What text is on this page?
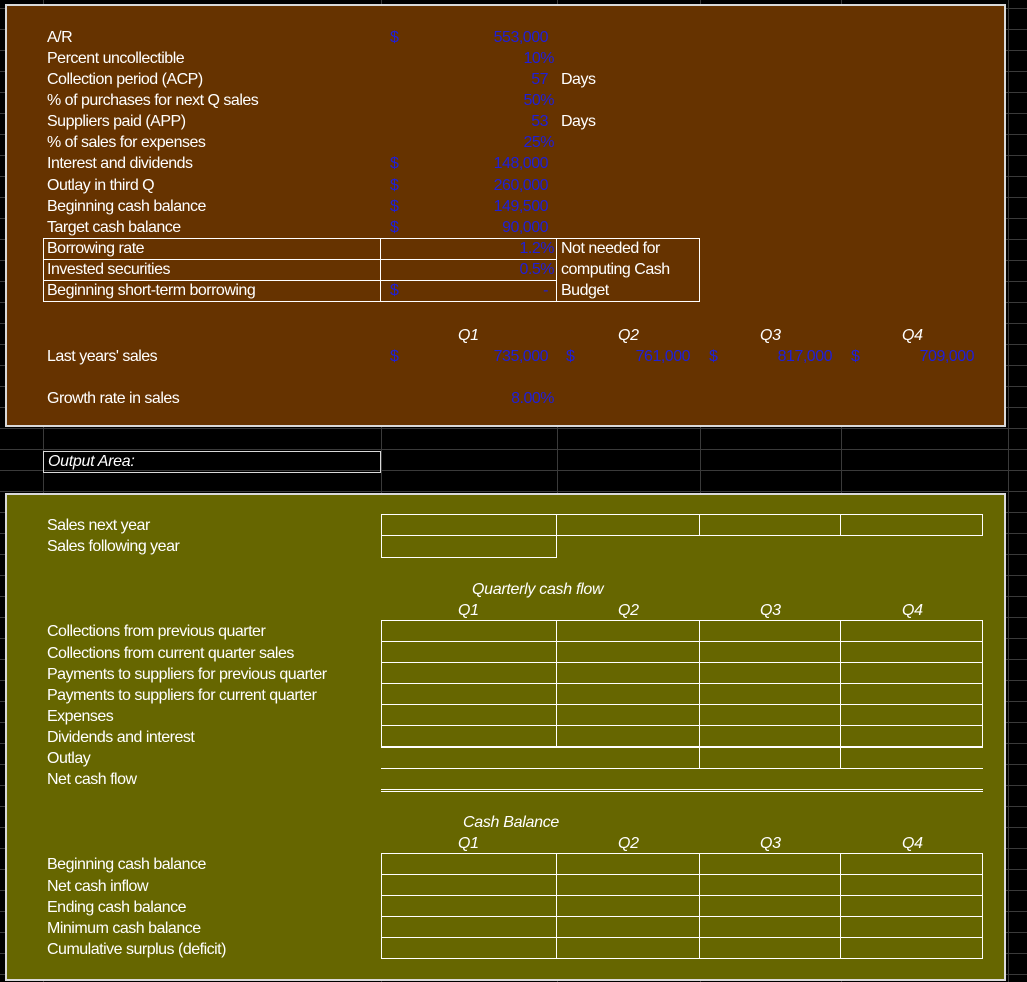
A/R	$	553,000
Percent uncollectible	10%
Collection period (ACP)	57 Days
% of purchases for next Q sales	50%
Suppliers paid (APP)	53 Days
% of sales for expenses	25%
Interest and dividends	$	148,000
Outlay in third Q	$	260,000
Beginning cash balance	$	149,500
Target cash balance	$	90,000
Borrowing rate	1.2%
Invested securities	0.5%
Beginning short-term borrowing	$	-
Not needed for
computing Cash
Budget
Q1	Q2	Q3	Q4
Last years' sales	$	735,000 $	761,000 $	817,000 $	709,000
Growth rate in sales	8.00%
Output Area:
Sales next year
Sales following year
Quarterly cash flow
Q1	Q2	Q3	Q4
Collections from previous quarter
Collections from current quarter sales
Payments to suppliers for previous quarter
Payments to suppliers for current quarter
Expenses
Dividends and interest
Outlay
Net cash flow
Cash Balance
Q1	Q2	Q3	Q4
Beginning cash balance
Net cash inflow
Ending cash balance
Minimum cash balance
Cumulative surplus (deficit)
